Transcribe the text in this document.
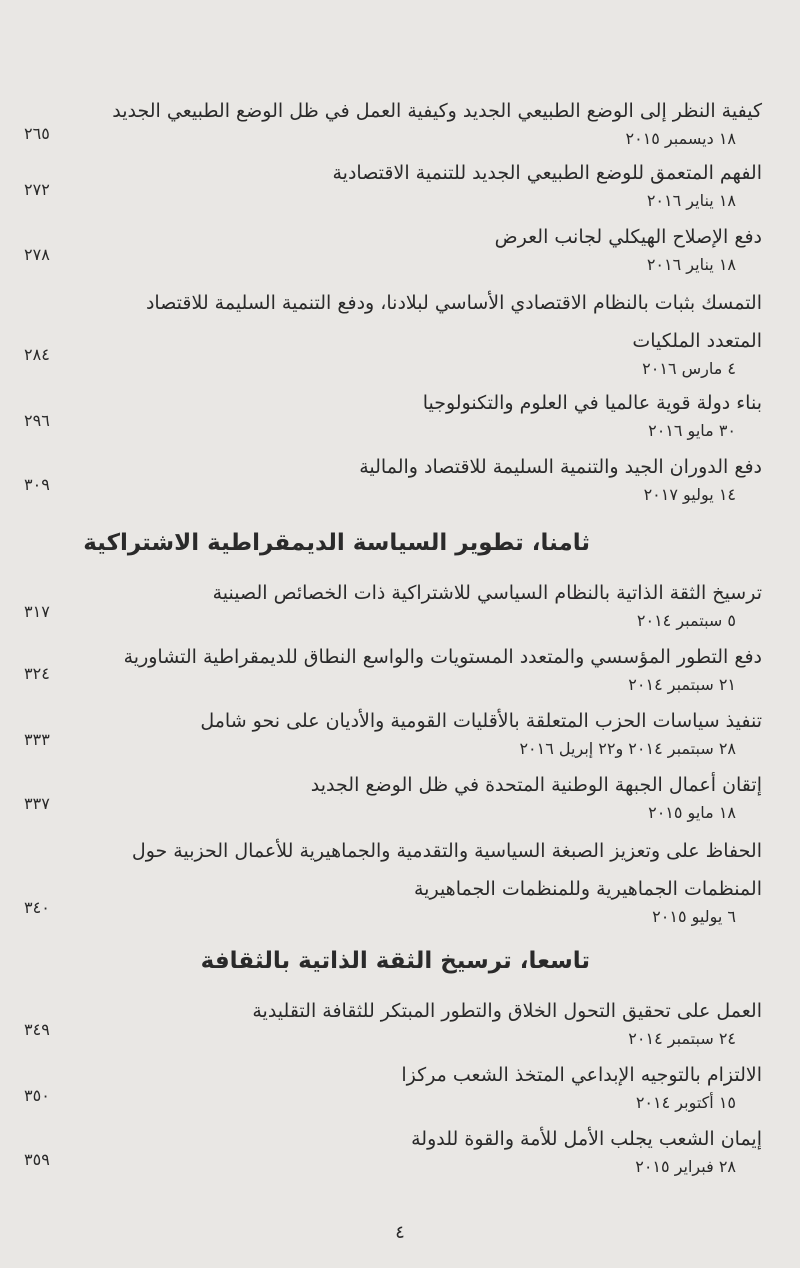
كيفية النظر إلى الوضع الطبيعي الجديد وكيفية العمل في ظل الوضع الطبيعي الجديد
١٨ ديسمبر ٢٠١٥
٢٦٥
الفهم المتعمق للوضع الطبيعي الجديد للتنمية الاقتصادية
١٨ يناير ٢٠١٦
٢٧٢
دفع الإصلاح الهيكلي لجانب العرض
١٨ يناير ٢٠١٦
٢٧٨
التمسك بثبات بالنظام الاقتصادي الأساسي لبلادنا، ودفع التنمية السليمة للاقتصاد
المتعدد الملكيات
٤ مارس ٢٠١٦
٢٨٤
بناء دولة قوية عالميا في العلوم والتكنولوجيا
٣٠ مايو ٢٠١٦
٢٩٦
دفع الدوران الجيد والتنمية السليمة للاقتصاد والمالية
١٤ يوليو ٢٠١٧
٣٠٩
ثامنا، تطوير السياسة الديمقراطية الاشتراكية
ترسيخ الثقة الذاتية بالنظام السياسي للاشتراكية ذات الخصائص الصينية
٥ سبتمبر ٢٠١٤
٣١٧
دفع التطور المؤسسي والمتعدد المستويات والواسع النطاق للديمقراطية التشاورية
٢١ سبتمبر ٢٠١٤
٣٢٤
تنفيذ سياسات الحزب المتعلقة بالأقليات القومية والأديان على نحو شامل
٢٨ سبتمبر ٢٠١٤ و٢٢ إبريل ٢٠١٦
٣٣٣
إتقان أعمال الجبهة الوطنية المتحدة في ظل الوضع الجديد
١٨ مايو ٢٠١٥
٣٣٧
الحفاظ على وتعزيز الصبغة السياسية والتقدمية والجماهيرية للأعمال الحزبية حول
المنظمات الجماهيرية وللمنظمات الجماهيرية
٦ يوليو ٢٠١٥
٣٤٠
تاسعا، ترسيخ الثقة الذاتية بالثقافة
العمل على تحقيق التحول الخلاق والتطور المبتكر للثقافة التقليدية
٢٤ سبتمبر ٢٠١٤
٣٤٩
الالتزام بالتوجيه الإبداعي المتخذ الشعب مركزا
١٥ أكتوبر ٢٠١٤
٣٥٠
إيمان الشعب يجلب الأمل للأمة والقوة للدولة
٢٨ فبراير ٢٠١٥
٣٥٩
٤
